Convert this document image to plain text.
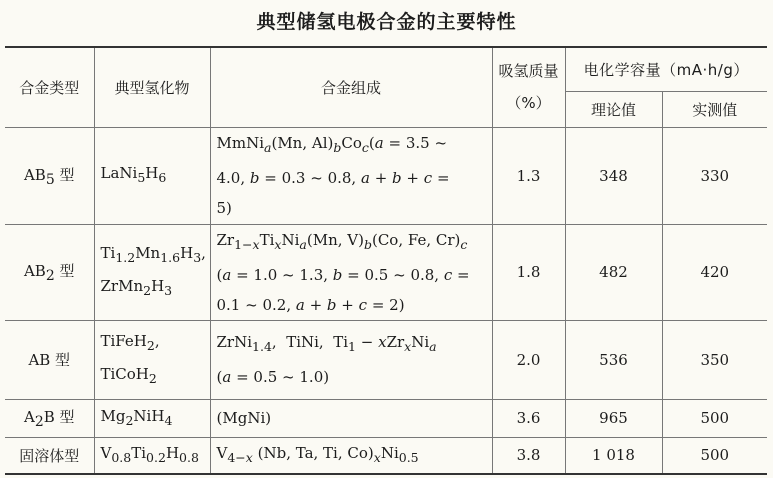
典型储氢电极合金的主要特性
合金类型	典型氢化物	合金组成	吸氢质量（%）	电化学容量（mA·h/g）	
				理论值	实测值
$AB_5$ 型	$LaNi_5H_6$	MmNi$_a$(Mn, $Al)_bCo_c(a = 3.5$ ~
4.0, b = 0.3 ~ 0.8, a + b + c =
5)	1.3	348	330
$AB_2$ 型	$Ti_{1.2}Mn_{1.6}H_3$,
$ZrMn_2H_3$	$Zr_{1-x}Ti_xNi_a(Mn$, $V)_b(Co$, Fe, $Cr)_c$
(a = 1.0 ~ 1.3, b = 0.5 ~ 0.8, c =
0.1 ~ 0.2, a + b + c = 2)	1.8	482	420
AB 型	TiFeH$_2$,
TiCoH$_2$	ZrNi$_{1.4}$,  TiNi,  $Ti_1 - xZr_xNi_a$
(a = 0.5 ~ 1.0)	2.0	536	350
$A_2B$ 型	$Mg_2NiH_4$	(MgNi)	3.6	965	500
固溶体型	$V_{0.8}Ti_{0.2}H_{0.8}$	$V_{4-x}$ (Nb, Ta, Ti, $Co)_xNi_{0.5}$	3.8	1 018	500
